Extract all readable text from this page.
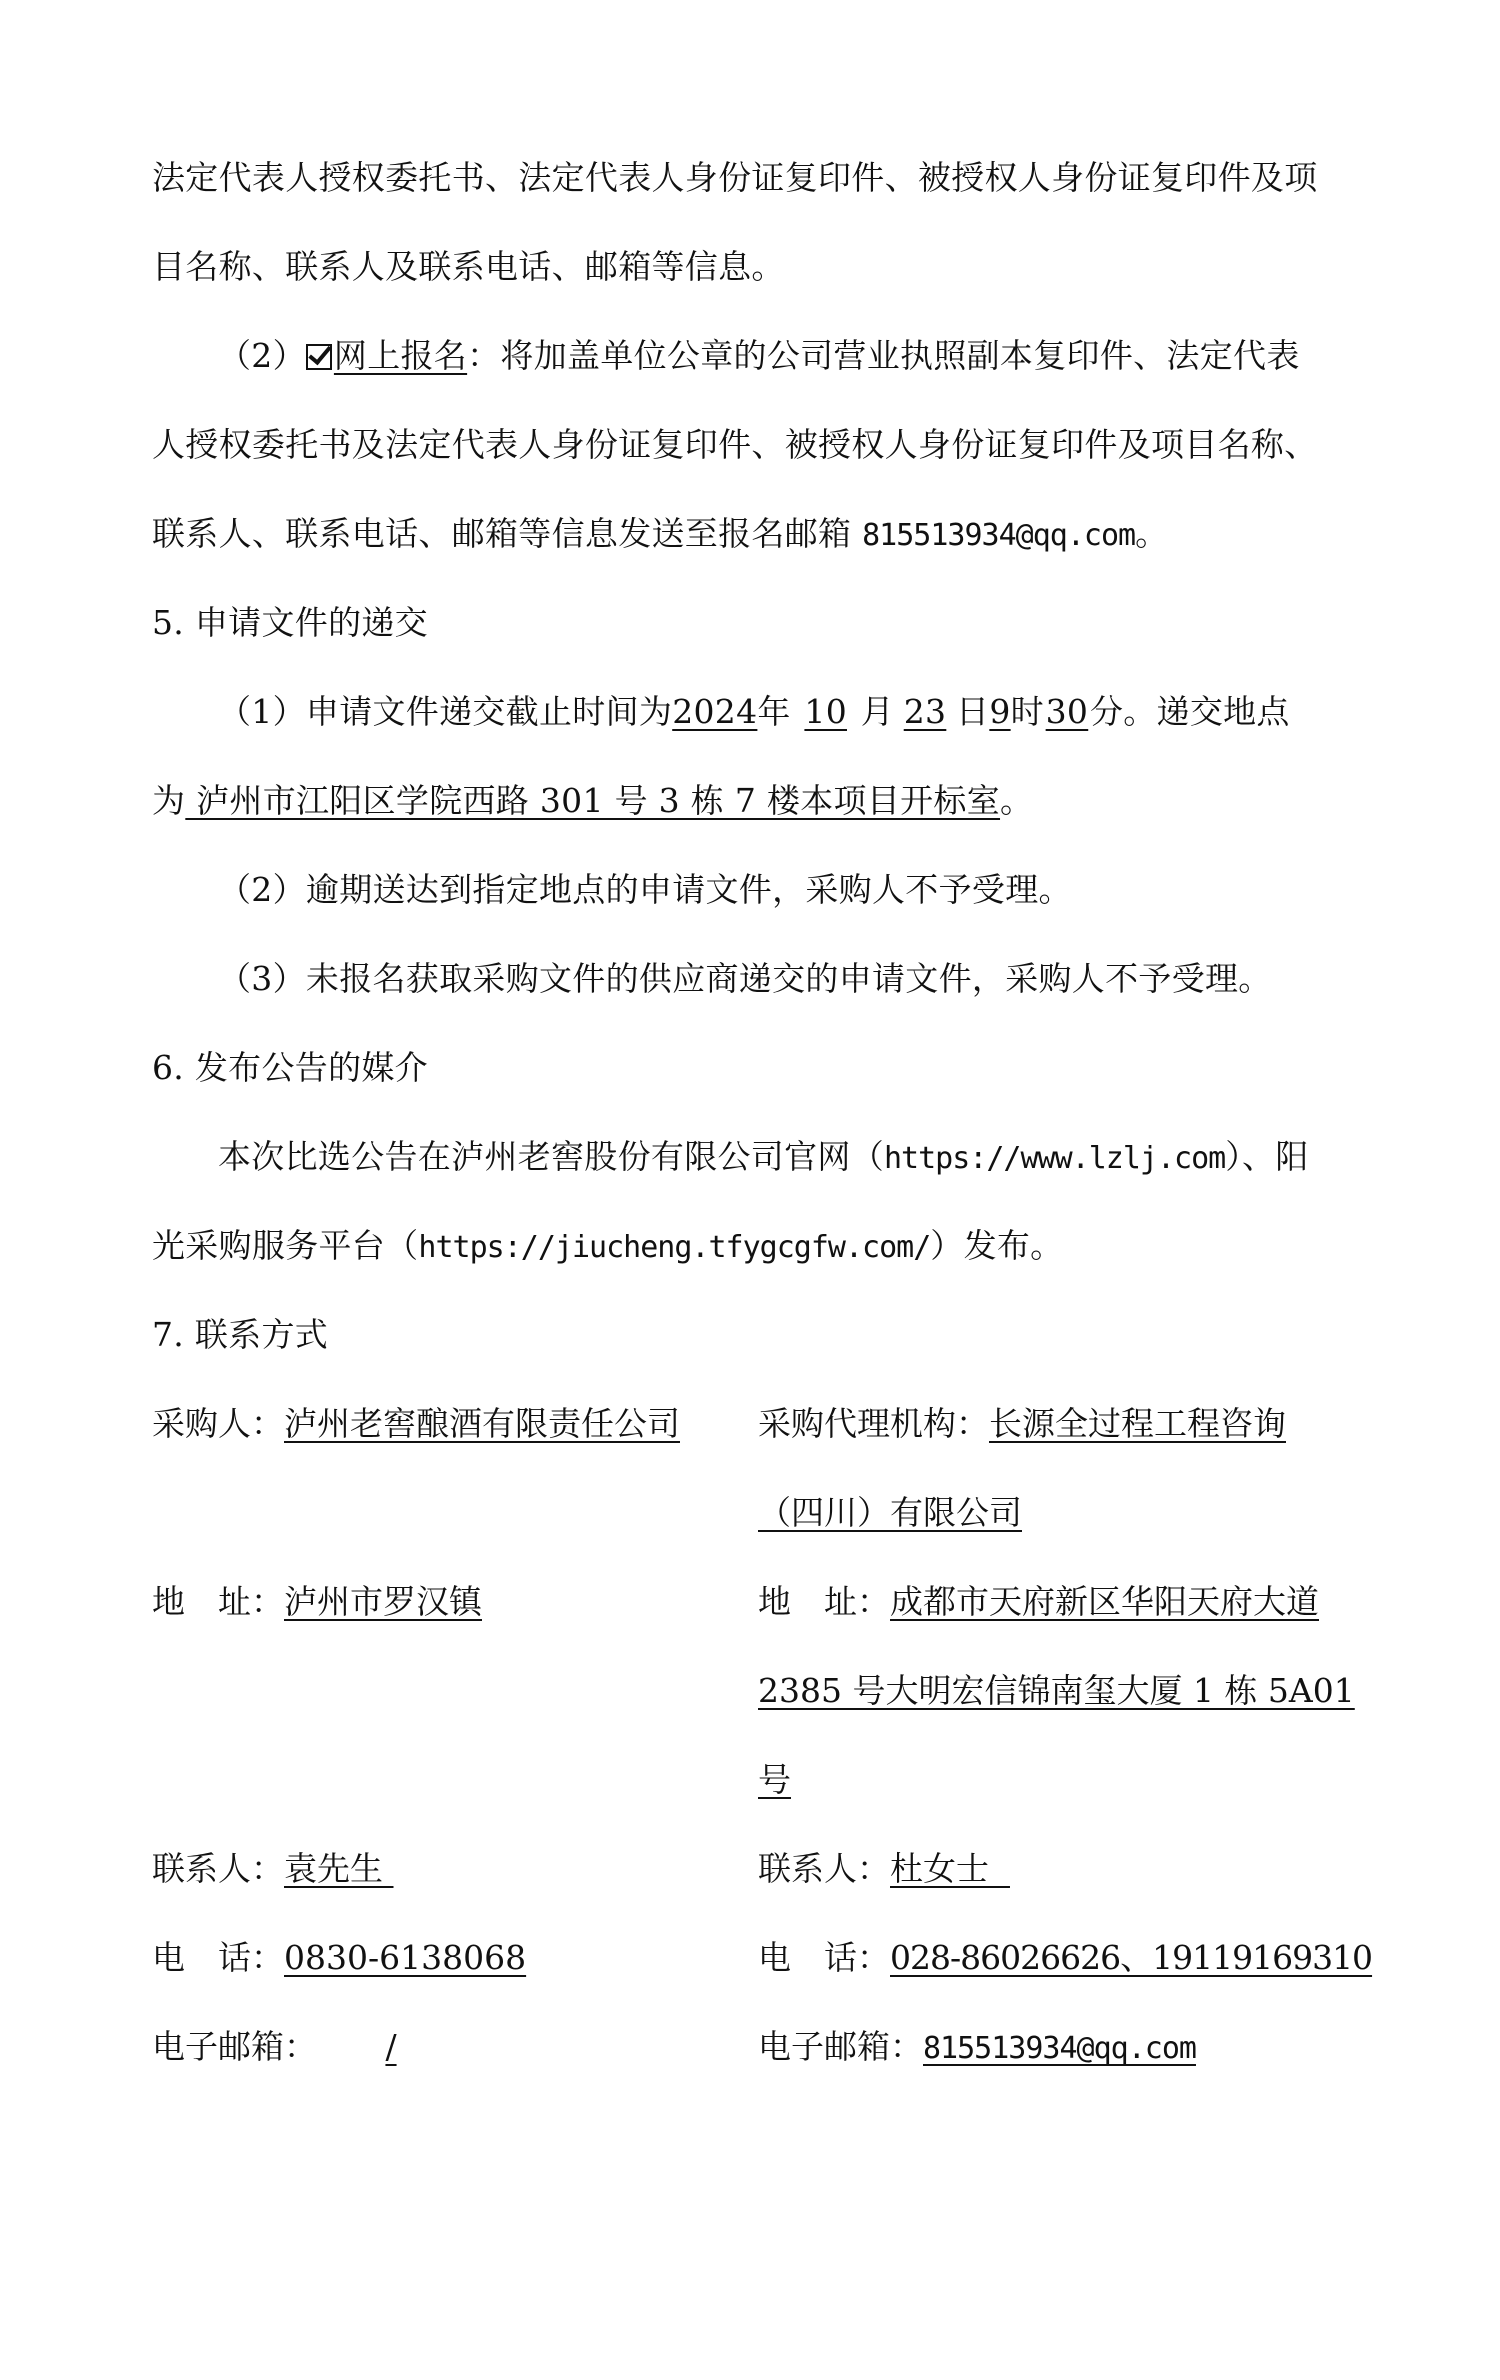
法定代表人授权委托书、法定代表人身份证复印件、被授权人身份证复印件及项
目名称、联系人及联系电话、邮箱等信息。
（2） 网上报名：将加盖单位公章的公司营业执照副本复印件、法定代表
人授权委托书及法定代表人身份证复印件、被授权人身份证复印件及项目名称、
联系人、联系电话、邮箱等信息发送至报名邮箱 815513934@qq.com。
5. 申请文件的递交
（1）申请文件递交截止时间为2024年 10 月 23 日9时30分。递交地点
为 泸州市江阳区学院西路 301 号 3 栋 7 楼本项目开标室。
（2）逾期送达到指定地点的申请文件，采购人不予受理。
（3）未报名获取采购文件的供应商递交的申请文件，采购人不予受理。
6. 发布公告的媒介
本次比选公告在泸州老窖股份有限公司官网（https://www.lzlj.com）、阳
光采购服务平台（https://jiucheng.tfygcgfw.com/）发布。
7. 联系方式
采购人：泸州老窖酿酒有限责任公司
地　址：泸州市罗汉镇
联系人：袁先生
电　话：0830-6138068
电子邮箱： /
采购代理机构：长源全过程工程咨询
（四川）有限公司
地　址：成都市天府新区华阳天府大道
2385 号大明宏信锦南玺大厦 1 栋 5A01
号
联系人：杜女士
电　话：028-86026626、19119169310
电子邮箱：815513934@qq.com
